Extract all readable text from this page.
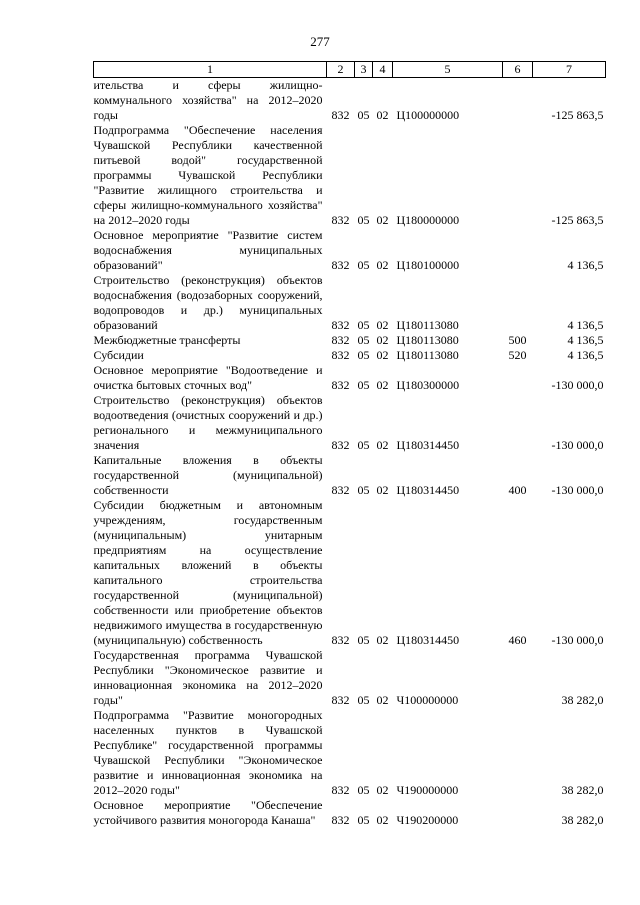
277
1	2	3	4	5	6	7
ительства и сферы жилищно-коммунального хозяйства" на 2012–2020 годы	832	05	02	Ц100000000		-125 863,5
Подпрограмма "Обеспечение населения Чувашской Республики качественной питьевой водой" государственной программы Чувашской Республики "Развитие жилищного строительства и сферы жилищно-коммунального хозяйства" на 2012–2020 годы	832	05	02	Ц180000000		-125 863,5
Основное мероприятие "Развитие систем водоснабжения муниципальных образований"	832	05	02	Ц180100000		4 136,5
Строительство (реконструкция) объектов водоснабжения (водозаборных сооружений, водопроводов и др.) муниципальных образований	832	05	02	Ц180113080		4 136,5
Межбюджетные трансферты	832	05	02	Ц180113080	500	4 136,5
Субсидии	832	05	02	Ц180113080	520	4 136,5
Основное мероприятие "Водоотведение и очистка бытовых сточных вод"	832	05	02	Ц180300000		-130 000,0
Строительство (реконструкция) объектов водоотведения (очистных сооружений и др.) регионального и межмуниципального значения	832	05	02	Ц180314450		-130 000,0
Капитальные вложения в объекты государственной (муниципальной) собственности	832	05	02	Ц180314450	400	-130 000,0
Субсидии бюджетным и автономным учреждениям, государственным (муниципальным) унитарным предприятиям на осуществление капитальных вложений в объекты капитального строительства государственной (муниципальной) собственности или приобретение объектов недвижимого имущества в государственную (муниципальную) собственность	832	05	02	Ц180314450	460	-130 000,0
Государственная программа Чувашской Республики "Экономическое развитие и инновационная экономика на 2012–2020 годы"	832	05	02	Ч100000000		38 282,0
Подпрограмма "Развитие моногородных населенных пунктов в Чувашской Республике" государственной программы Чувашской Республики "Экономическое развитие и инновационная экономика на 2012–2020 годы"	832	05	02	Ч190000000		38 282,0
Основное мероприятие "Обеспечение устойчивого развития моногорода Канаша"	832	05	02	Ч190200000		38 282,0
